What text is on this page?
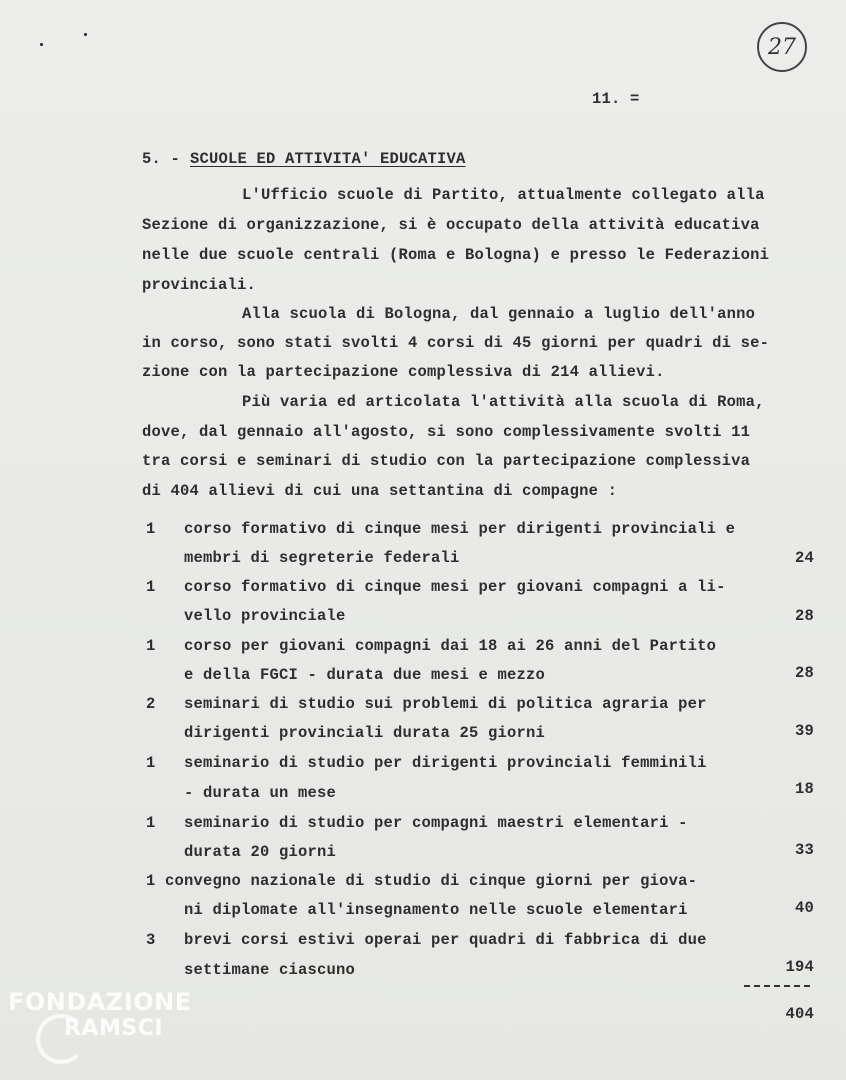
27
11. =
5. - SCUOLE ED ATTIVITA' EDUCATIVA
L'Ufficio scuole di Partito, attualmente collegato alla
Sezione di organizzazione, si è occupato della attività educativa
nelle due scuole centrali (Roma e Bologna) e presso le Federazioni
provinciali.
Alla scuola di Bologna, dal gennaio a luglio dell'anno
in corso, sono stati svolti 4 corsi di 45 giorni per quadri di se-
zione con la partecipazione complessiva di 214 allievi.
Più varia ed articolata l'attività alla scuola di Roma,
dove, dal gennaio all'agosto, si sono complessivamente svolti 11
tra corsi e seminari di studio con la partecipazione complessiva
di 404 allievi di cui una settantina di compagne :
1 corso formativo di cinque mesi per dirigenti provinciali e
membri di segreterie federali	24
1 corso formativo di cinque mesi per giovani compagni a li-
vello provinciale	28
1 corso per giovani compagni dai 18 ai 26 anni del Partito
e della FGCI - durata due mesi e mezzo	28
2 seminari di studio sui problemi di politica agraria per
dirigenti provinciali durata 25 giorni	39
1 seminario di studio per dirigenti provinciali femminili
- durata un mese	18
1 seminario di studio per compagni maestri elementari -
durata 20 giorni	33
1 convegno nazionale di studio di cinque giorni per giova-
ni diplomate all'insegnamento nelle scuole elementari	40
3 brevi corsi estivi operai per quadri di fabbrica di due
settimane ciascuno	194
404
FONDAZIONE
RAMSCI
